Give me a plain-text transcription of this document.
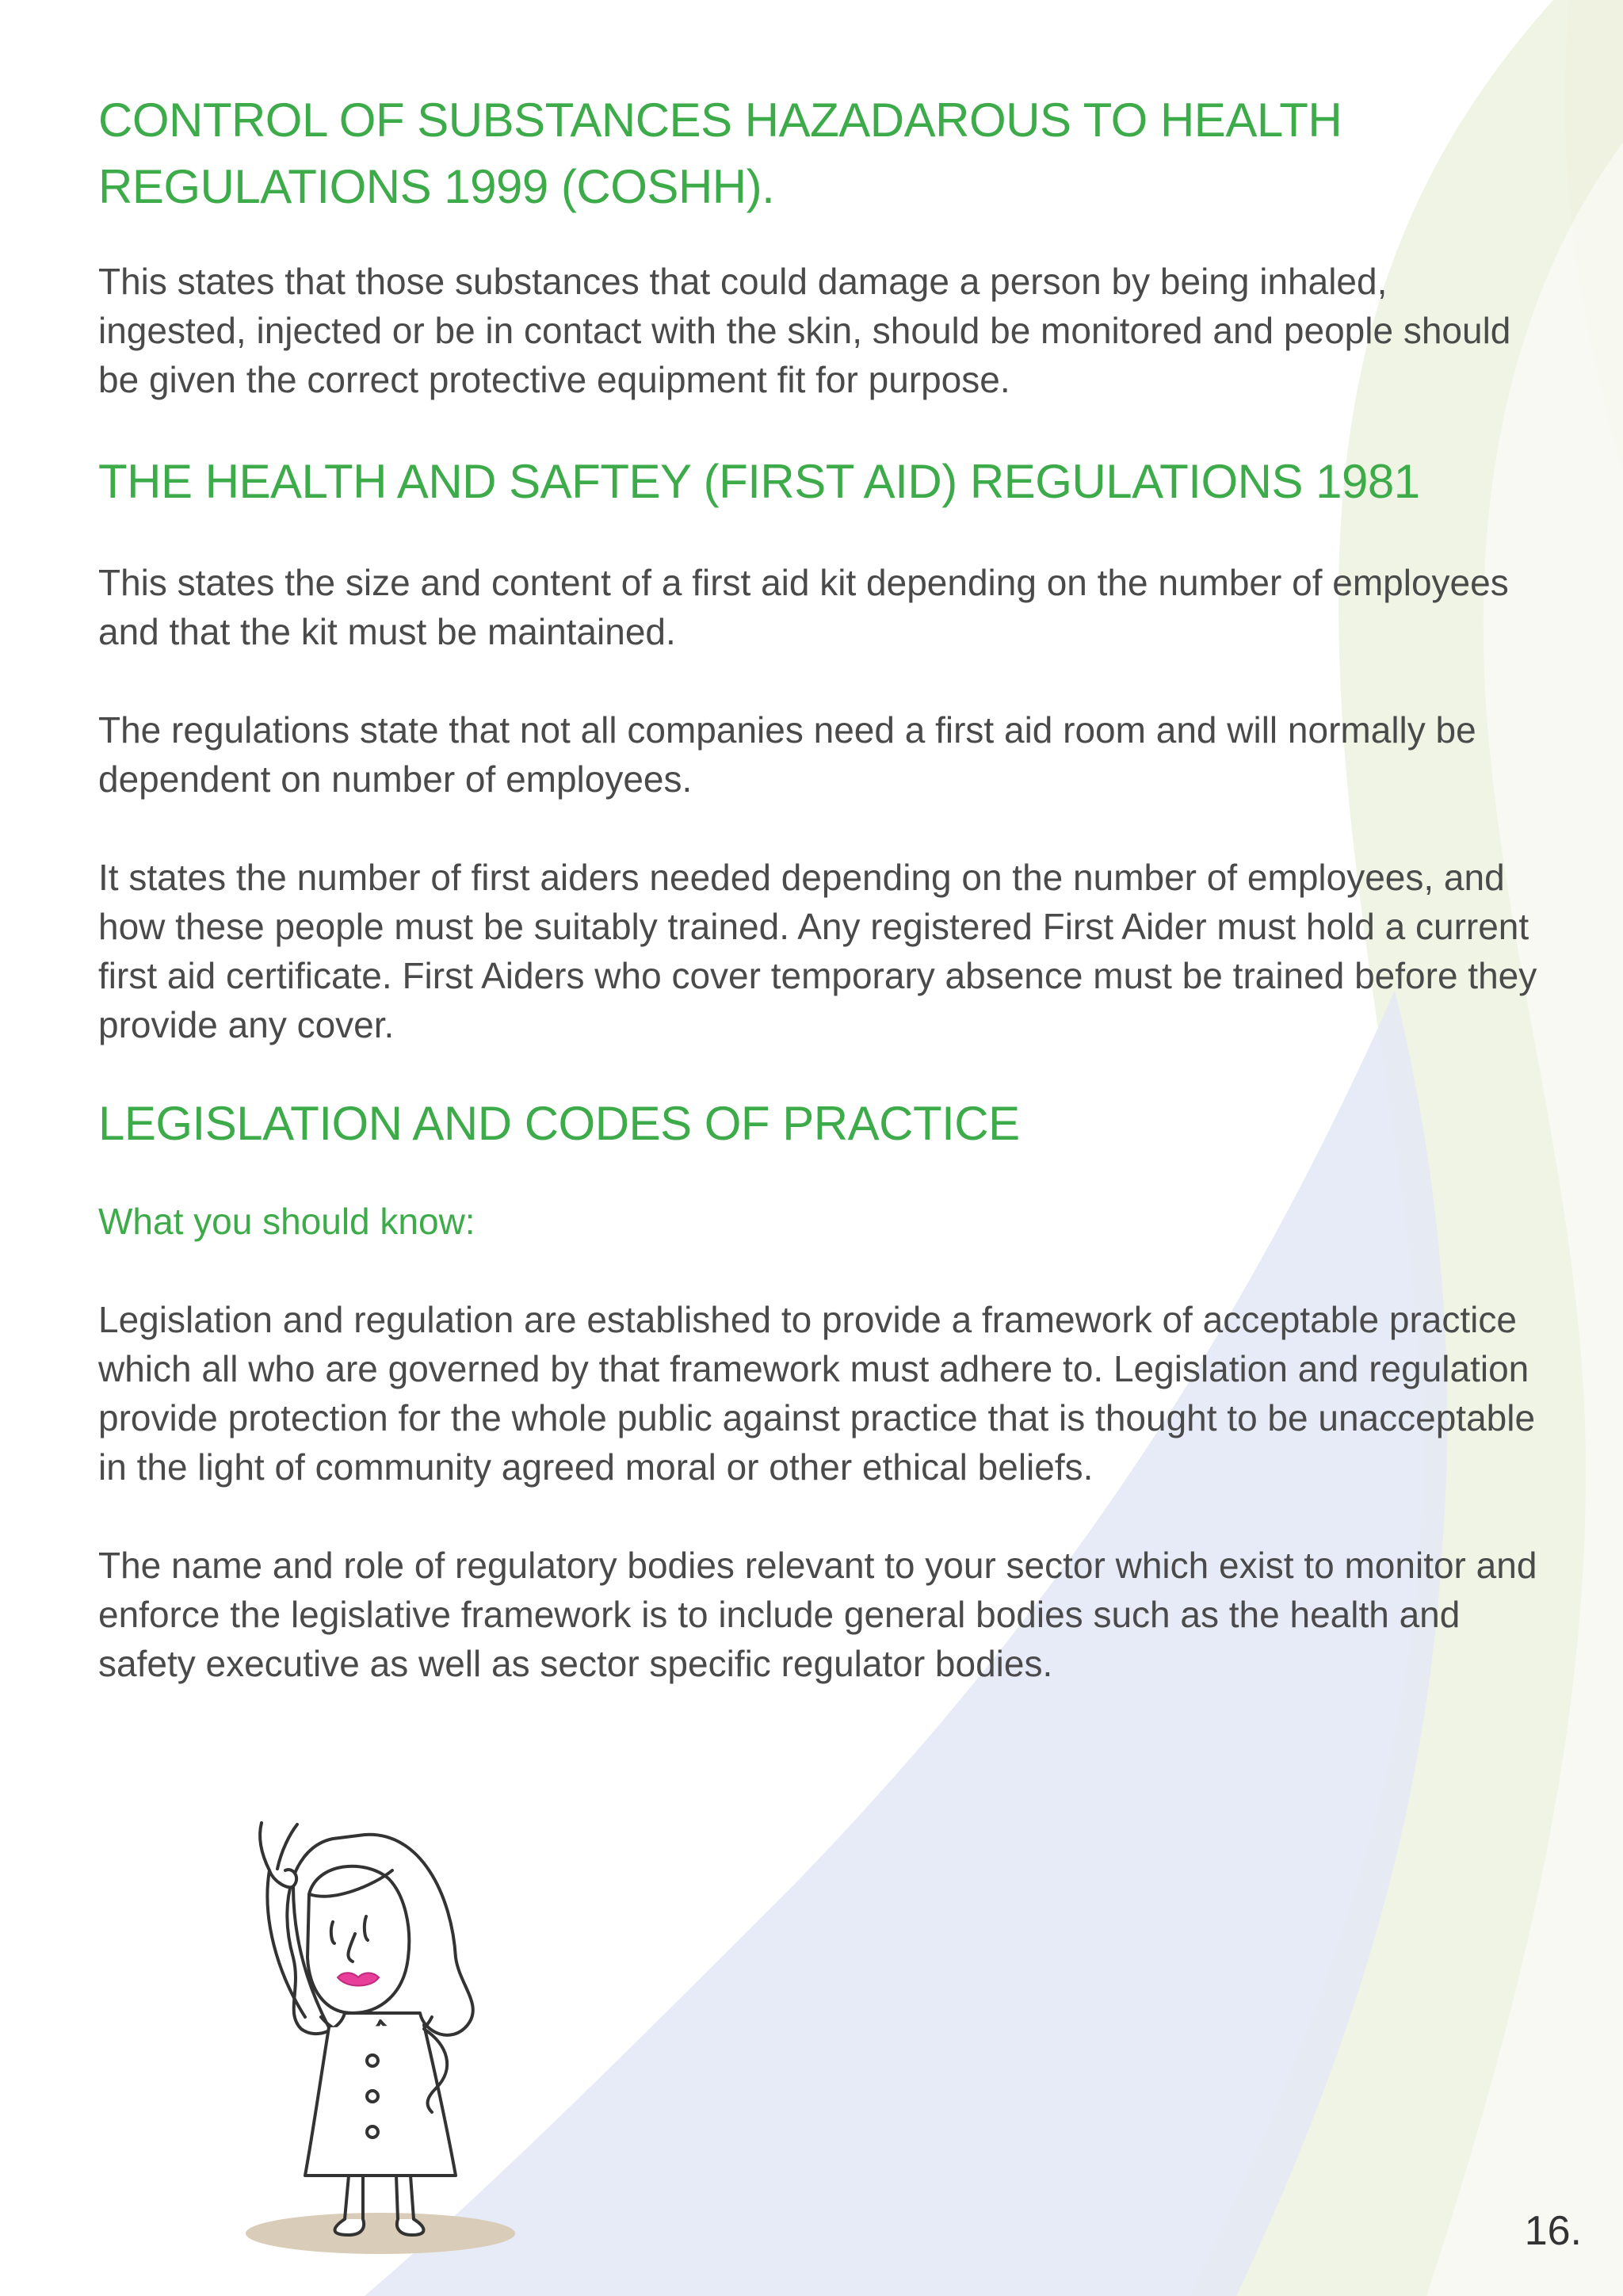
CONTROL OF SUBSTANCES HAZADAROUS TO HEALTH
REGULATIONS 1999 (COSHH).

This states that those substances that could damage a person by being inhaled, ingested, injected or be in contact with the skin, should be monitored and people should be given the correct protective equipment fit for purpose.

THE HEALTH AND SAFTEY (FIRST AID) REGULATIONS 1981

This states the size and content of a first aid kit depending on the number of employees and that the kit must be maintained.

The regulations state that not all companies need a first aid room and will normally be dependent on number of employees.

It states the number of first aiders needed depending on the number of employees, and how these people must be suitably trained. Any registered First Aider must hold a current first aid certificate. First Aiders who cover temporary absence must be trained before they provide any cover.

LEGISLATION AND CODES OF PRACTICE

What you should know:

Legislation and regulation are established to provide a framework of acceptable practice which all who are governed by that framework must adhere to. Legislation and regulation provide protection for the whole public against practice that is thought to be unacceptable in the light of community agreed moral or other ethical beliefs.

The name and role of regulatory bodies relevant to your sector which exist to monitor and enforce the legislative framework is to include general bodies such as the health and safety executive as well as sector specific regulator bodies.

16.
